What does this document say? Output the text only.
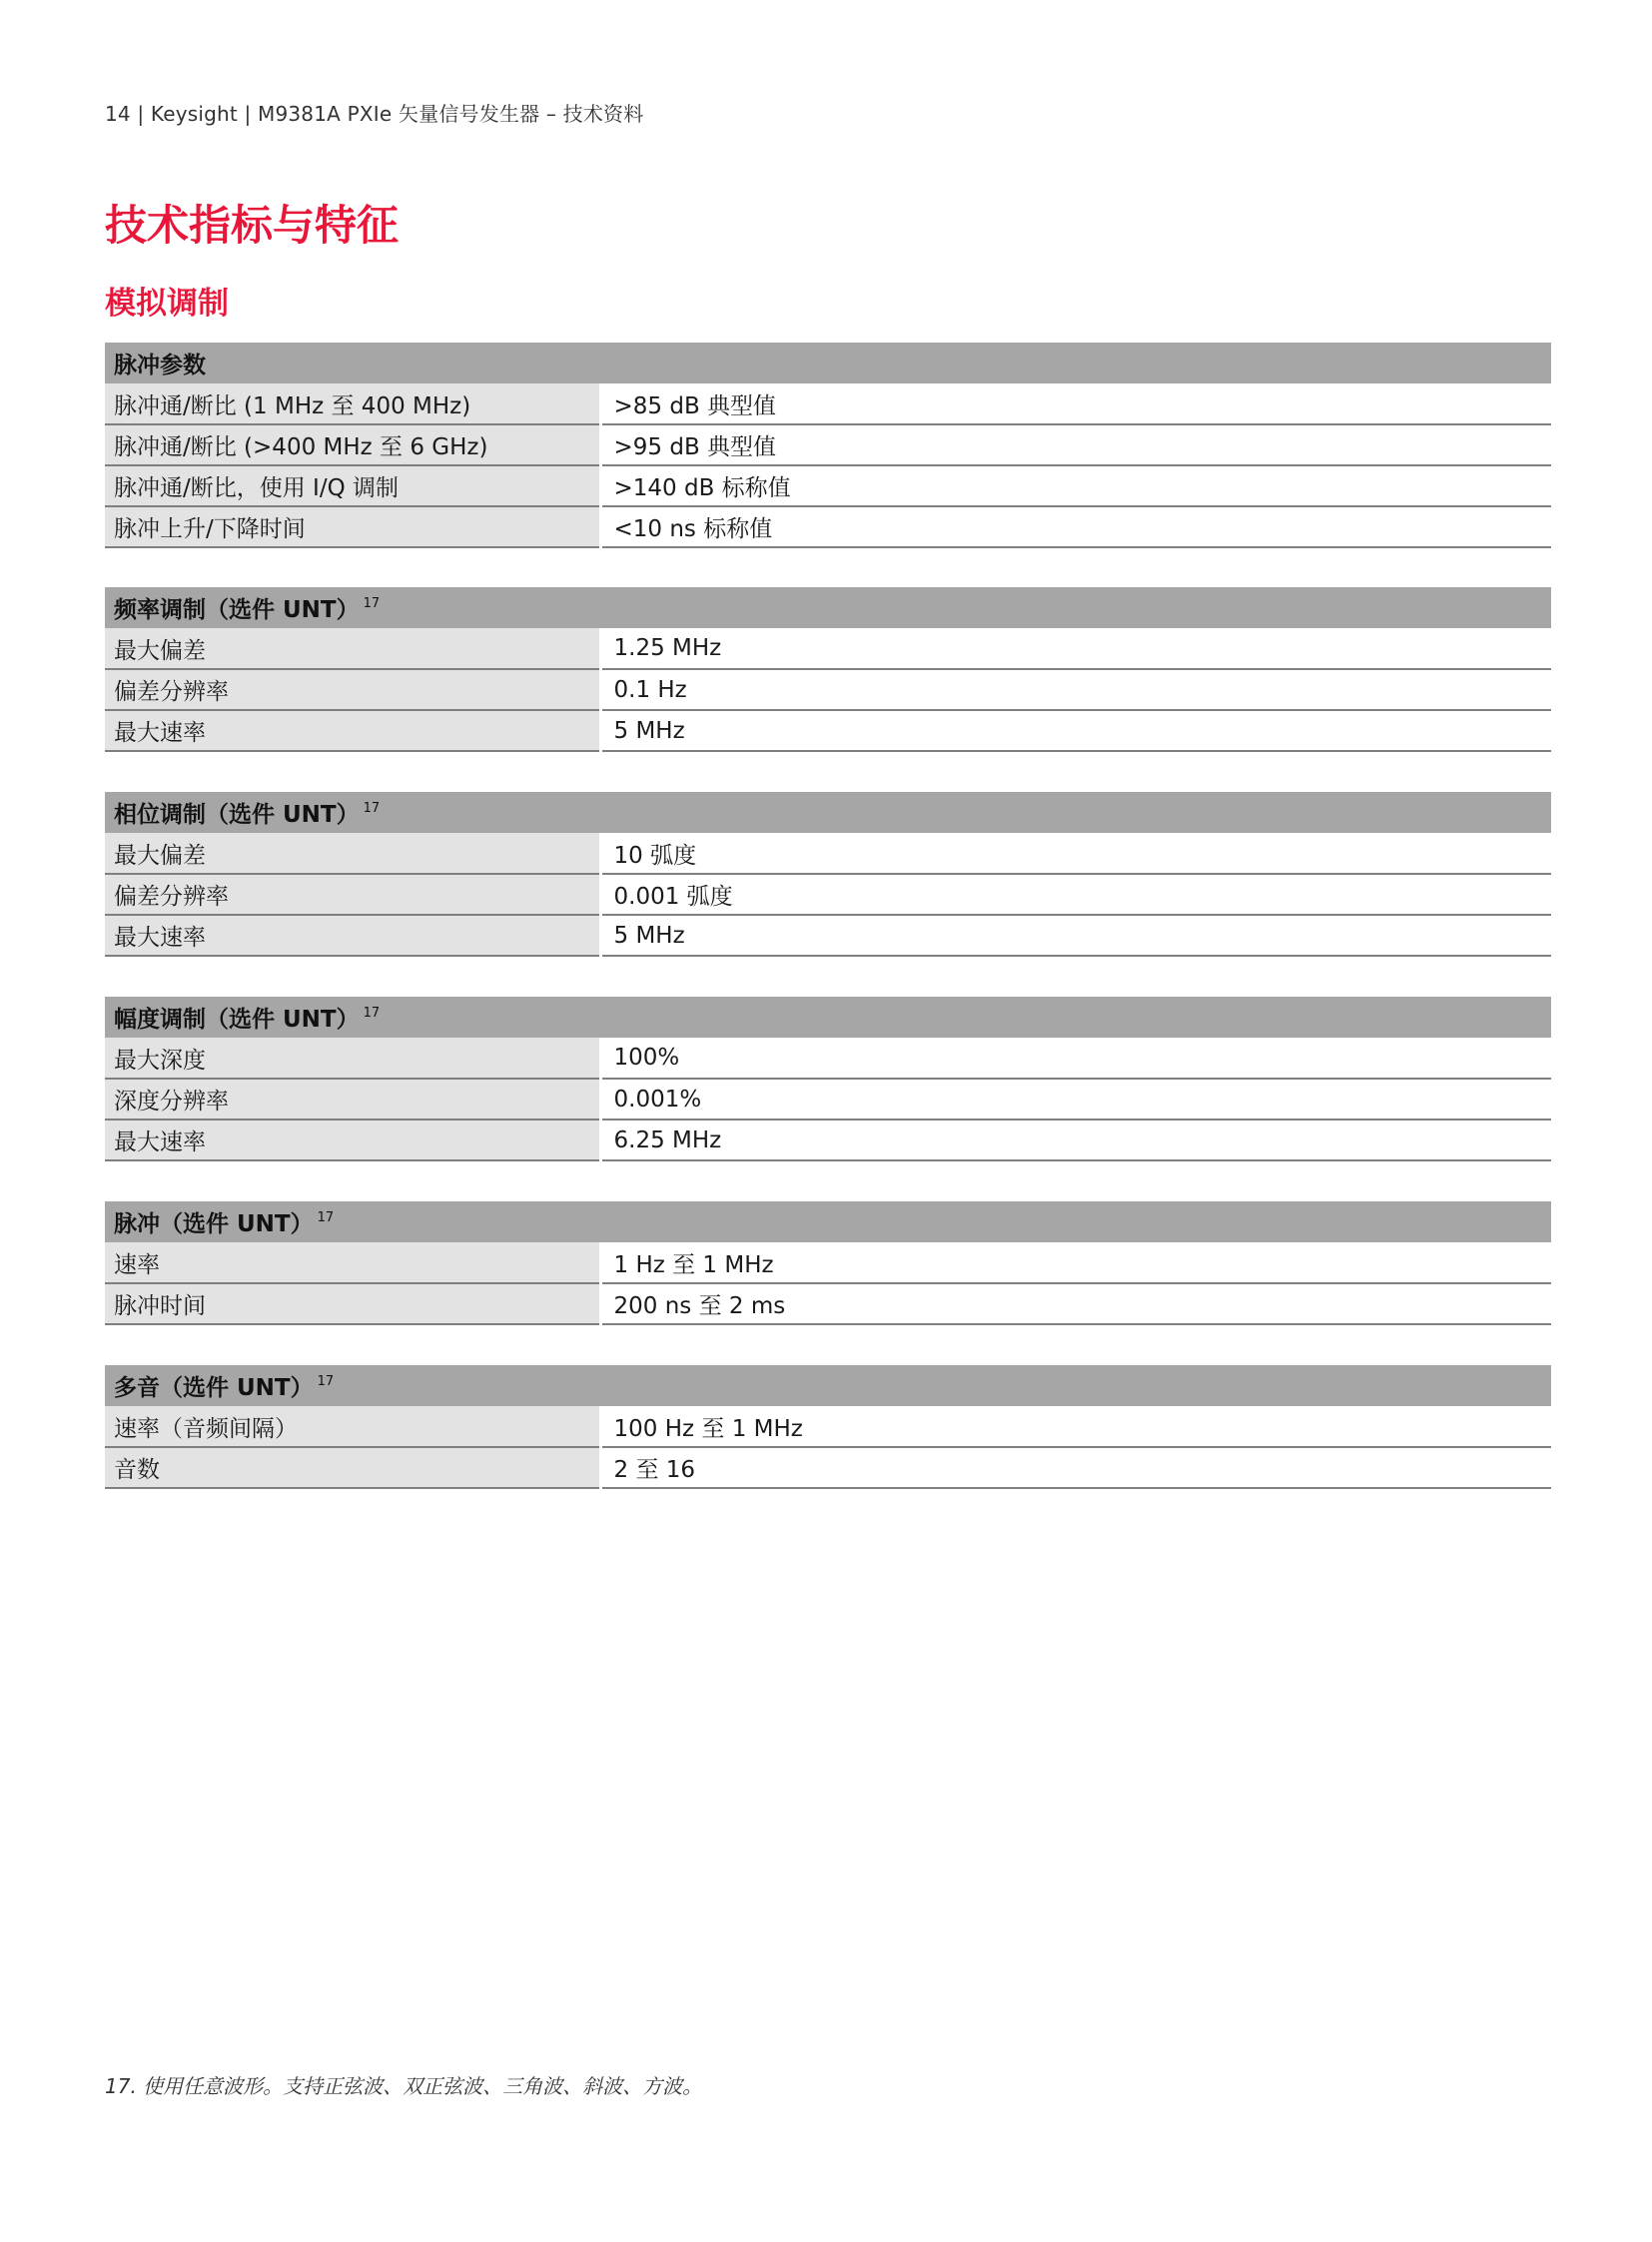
14 | Keysight | M9381A PXIe 矢量信号发生器 – 技术资料
技术指标与特征
模拟调制
脉冲参数	
脉冲通/断比 (1 MHz 至 400 MHz)	>85 dB 典型值
脉冲通/断比 (>400 MHz 至 6 GHz)	>95 dB 典型值
脉冲通/断比，使用 I/Q 调制	>140 dB 标称值
脉冲上升/下降时间	<10 ns 标称值
频率调制（选件 UNT） $^{17}$
最大偏差	1.25 MHz
偏差分辨率	0.1 Hz
最大速率	5 MHz
相位调制（选件 UNT） $^{17}$
最大偏差	10 弧度
偏差分辨率	0.001 弧度
最大速率	5 MHz
幅度调制（选件 UNT） $^{17}$
最大深度	100%
深度分辨率	0.001%
最大速率	6.25 MHz
脉冲（选件 UNT） $^{17}$
速率	1 Hz 至 1 MHz
脉冲时间	200 ns 至 2 ms
多音（选件 UNT） $^{17}$
速率（音频间隔）	100 Hz 至 1 MHz
音数	2 至 16
17. 使用任意波形。支持正弦波、双正弦波、三角波、斜波、方波。
